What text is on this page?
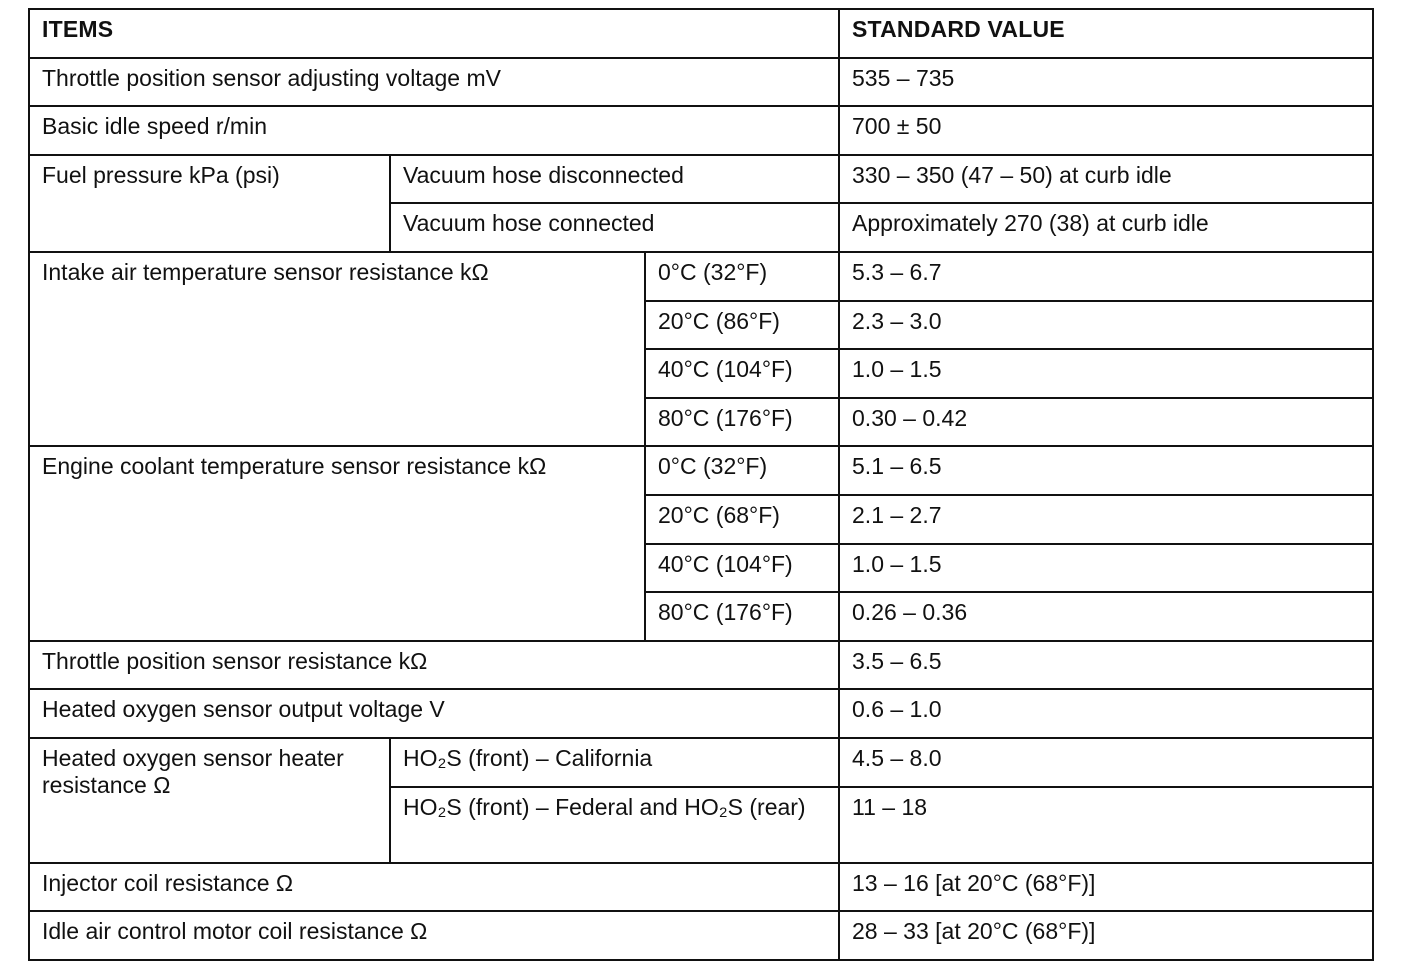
ITEMS			STANDARD VALUE
Throttle position sensor adjusting voltage mV			535 – 735
Basic idle speed r/min			700 ± 50
Fuel pressure kPa (psi)	Vacuum hose disconnected		330 – 350 (47 – 50) at curb idle
	Vacuum hose connected		Approximately 270 (38) at curb idle
Intake air temperature sensor resistance kΩ		0°C (32°F)	5.3 – 6.7
		20°C (86°F)	2.3 – 3.0
		40°C (104°F)	1.0 – 1.5
		80°C (176°F)	0.30 – 0.42
Engine coolant temperature sensor resistance kΩ		0°C (32°F)	5.1 – 6.5
		20°C (68°F)	2.1 – 2.7
		40°C (104°F)	1.0 – 1.5
		80°C (176°F)	0.26 – 0.36
Throttle position sensor resistance kΩ			3.5 – 6.5
Heated oxygen sensor output voltage V			0.6 – 1.0
Heated oxygen sensor heater resistance Ω	HO₂S (front) – California		4.5 – 8.0
	HO₂S (front) – Federal and HO₂S (rear)		11 – 18
Injector coil resistance Ω			13 – 16 [at 20°C (68°F)]
Idle air control motor coil resistance Ω			28 – 33 [at 20°C (68°F)]
